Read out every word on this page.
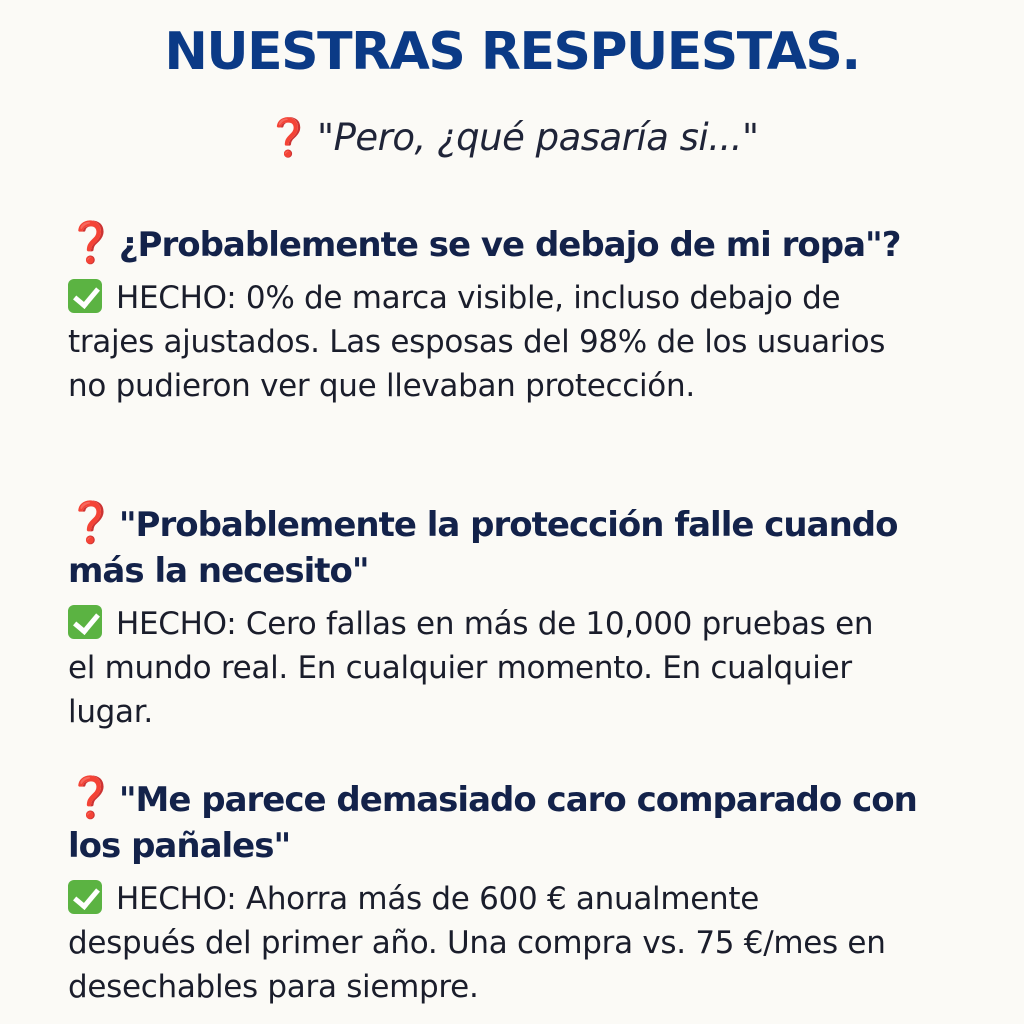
NUESTRAS RESPUESTAS.

❓ "Pero, ¿qué pasaría si..."

❓ ¿Probablemente se ve debajo de mi ropa"?

HECHO: 0% de marca visible, incluso debajo de trajes ajustados. Las esposas del 98% de los usuarios no pudieron ver que llevaban protección.

❓ "Probablemente la protección falle cuando más la necesito"

HECHO: Cero fallas en más de 10,000 pruebas en el mundo real. En cualquier momento. En cualquier lugar.

❓ "Me parece demasiado caro comparado con los pañales"

HECHO: Ahorra más de 600 € anualmente después del primer año. Una compra vs. 75 €/mes en desechables para siempre.
